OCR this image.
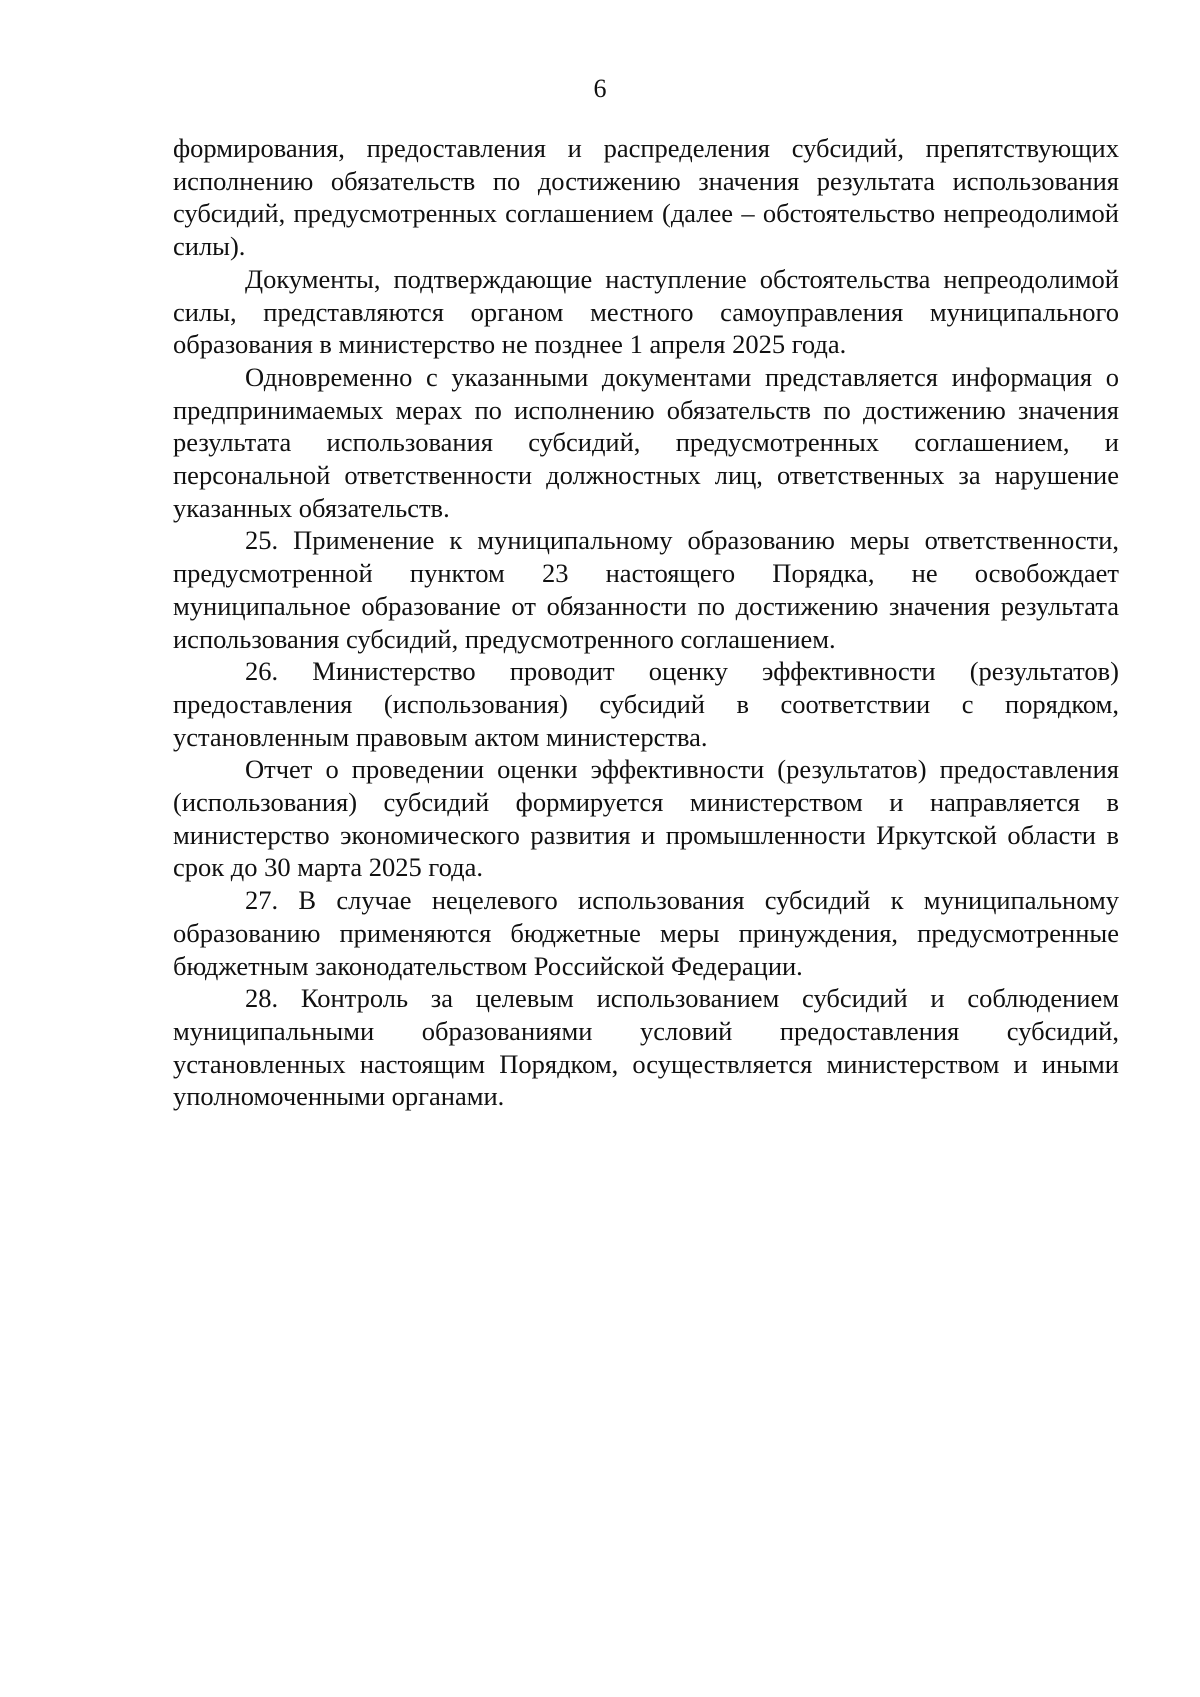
6

формирования, предоставления и распределения субсидий, препятствующих исполнению обязательств по достижению значения результата использования субсидий, предусмотренных соглашением (далее – обстоятельство непреодолимой силы).

Документы, подтверждающие наступление обстоятельства непреодолимой силы, представляются органом местного самоуправления муниципального образования в министерство не позднее 1 апреля 2025 года.

Одновременно с указанными документами представляется информация о предпринимаемых мерах по исполнению обязательств по достижению значения результата использования субсидий, предусмотренных соглашением, и персональной ответственности должностных лиц, ответственных за нарушение указанных обязательств.

25. Применение к муниципальному образованию меры ответственности, предусмотренной пунктом 23 настоящего Порядка, не освобождает муниципальное образование от обязанности по достижению значения результата использования субсидий, предусмотренного соглашением.

26. Министерство проводит оценку эффективности (результатов) предоставления (использования) субсидий в соответствии с порядком, установленным правовым актом министерства.

Отчет о проведении оценки эффективности (результатов) предоставления (использования) субсидий формируется министерством и направляется в министерство экономического развития и промышленности Иркутской области в срок до 30 марта 2025 года.

27. В случае нецелевого использования субсидий к муниципальному образованию применяются бюджетные меры принуждения, предусмотренные бюджетным законодательством Российской Федерации.

28. Контроль за целевым использованием субсидий и соблюдением муниципальными образованиями условий предоставления субсидий, установленных настоящим Порядком, осуществляется министерством и иными уполномоченными органами.
